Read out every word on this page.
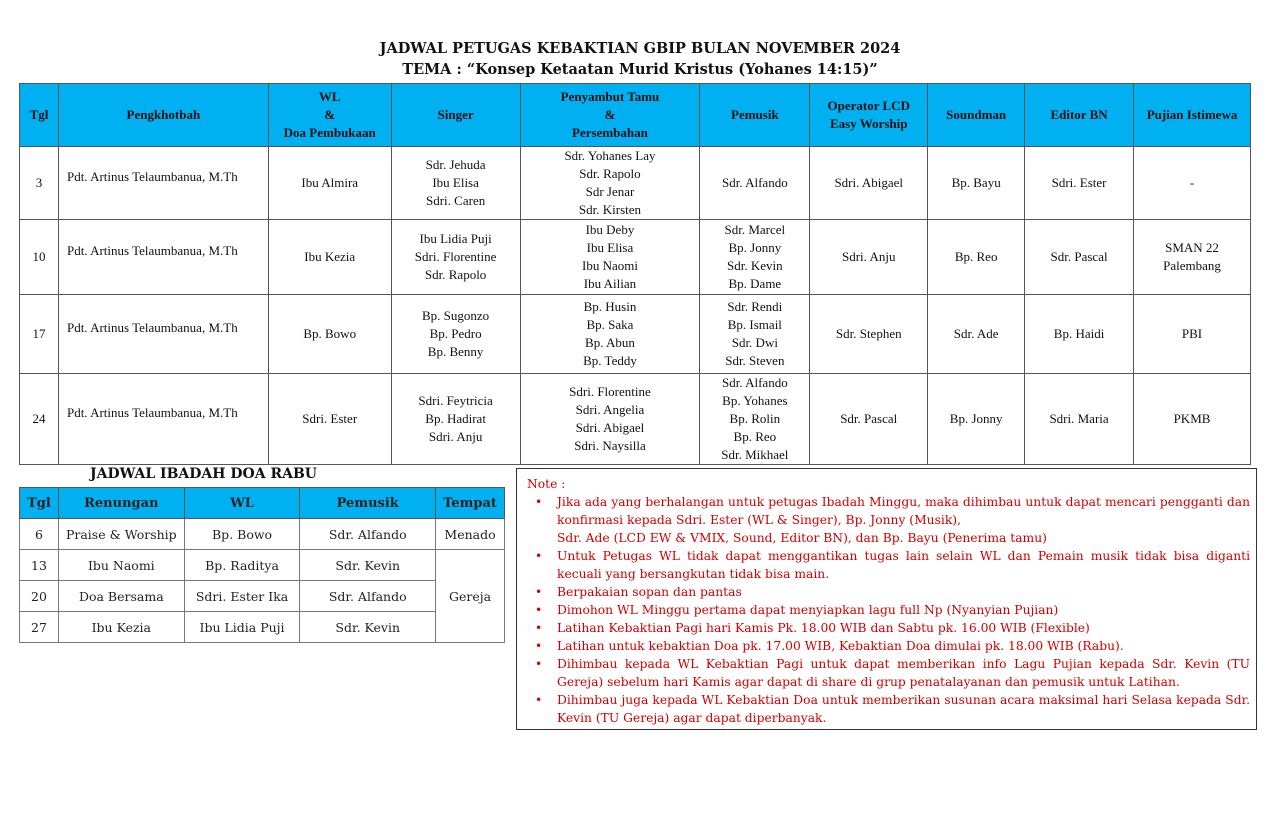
JADWAL PETUGAS KEBAKTIAN GBIP BULAN NOVEMBER 2024
TEMA : “Konsep Ketaatan Murid Kristus (Yohanes 14:15)”
Tgl	Pengkhotbah	WL
&
Doa Pembukaan	Singer	Penyambut Tamu
&
Persembahan	Pemusik	Operator LCD
Easy Worship	Soundman	Editor BN	Pujian Istimewa

3	Pdt. Artinus Telaumbanua, M.Th	Ibu Almira	Sdr. Jehuda
Ibu Elisa
Sdri. Caren	Sdr. Yohanes Lay
Sdr. Rapolo
Sdr Jenar
Sdr. Kirsten	Sdr. Alfando	Sdri. Abigael	Bp. Bayu	Sdri. Ester	-

10	Pdt. Artinus Telaumbanua, M.Th	Ibu Kezia	Ibu Lidia Puji
Sdri. Florentine
Sdr. Rapolo	Ibu Deby
Ibu Elisa
Ibu Naomi
Ibu Ailian	Sdr. Marcel
Bp. Jonny
Sdr. Kevin
Bp. Dame	Sdri. Anju	Bp. Reo	Sdr. Pascal	SMAN 22
Palembang

17	Pdt. Artinus Telaumbanua, M.Th	Bp. Bowo	Bp. Sugonzo
Bp. Pedro
Bp. Benny	Bp. Husin
Bp. Saka
Bp. Abun
Bp. Teddy	Sdr. Rendi
Bp. Ismail
Sdr. Dwi
Sdr. Steven	Sdr. Stephen	Sdr. Ade	Bp. Haidi	PBI

24	Pdt. Artinus Telaumbanua, M.Th	Sdri. Ester	Sdri. Feytricia
Bp. Hadirat
Sdri. Anju	Sdri. Florentine
Sdri. Angelia
Sdri. Abigael
Sdri. Naysilla	Sdr. Alfando
Bp. Yohanes
Bp. Rolin
Bp. Reo
Sdr. Mikhael	Sdr. Pascal	Bp. Jonny	Sdri. Maria	PKMB
JADWAL IBADAH DOA RABU
Tgl	Renungan	WL	Pemusik	Tempat
6	Praise & Worship	Bp. Bowo	Sdr. Alfando	Menado
13	Ibu Naomi	Bp. Raditya	Sdr. Kevin	Gereja
20	Doa Bersama	Sdri. Ester Ika	Sdr. Alfando	
27	Ibu Kezia	Ibu Lidia Puji	Sdr. Kevin	
Note :
• Jika ada yang berhalangan untuk petugas Ibadah Minggu, maka dihimbau untuk dapat mencari pengganti dan konfirmasi kepada Sdri. Ester (WL & Singer), Bp. Jonny (Musik),
Sdr. Ade (LCD EW & VMIX, Sound, Editor BN), dan Bp. Bayu (Penerima tamu)
• Untuk Petugas WL tidak dapat menggantikan tugas lain selain WL dan Pemain musik tidak bisa diganti kecuali yang bersangkutan tidak bisa main.
• Berpakaian sopan dan pantas
• Dimohon WL Minggu pertama dapat menyiapkan lagu full Np (Nyanyian Pujian)
• Latihan Kebaktian Pagi hari Kamis Pk. 18.00 WIB dan Sabtu pk. 16.00 WIB (Flexible)
• Latihan untuk kebaktian Doa pk. 17.00 WIB, Kebaktian Doa dimulai pk. 18.00 WIB (Rabu).
• Dihimbau kepada WL Kebaktian Pagi untuk dapat memberikan info Lagu Pujian kepada Sdr. Kevin (TU Gereja) sebelum hari Kamis agar dapat di share di grup penatalayanan dan pemusik untuk Latihan.
• Dihimbau juga kepada WL Kebaktian Doa untuk memberikan susunan acara maksimal hari Selasa kepada Sdr. Kevin (TU Gereja) agar dapat diperbanyak.
